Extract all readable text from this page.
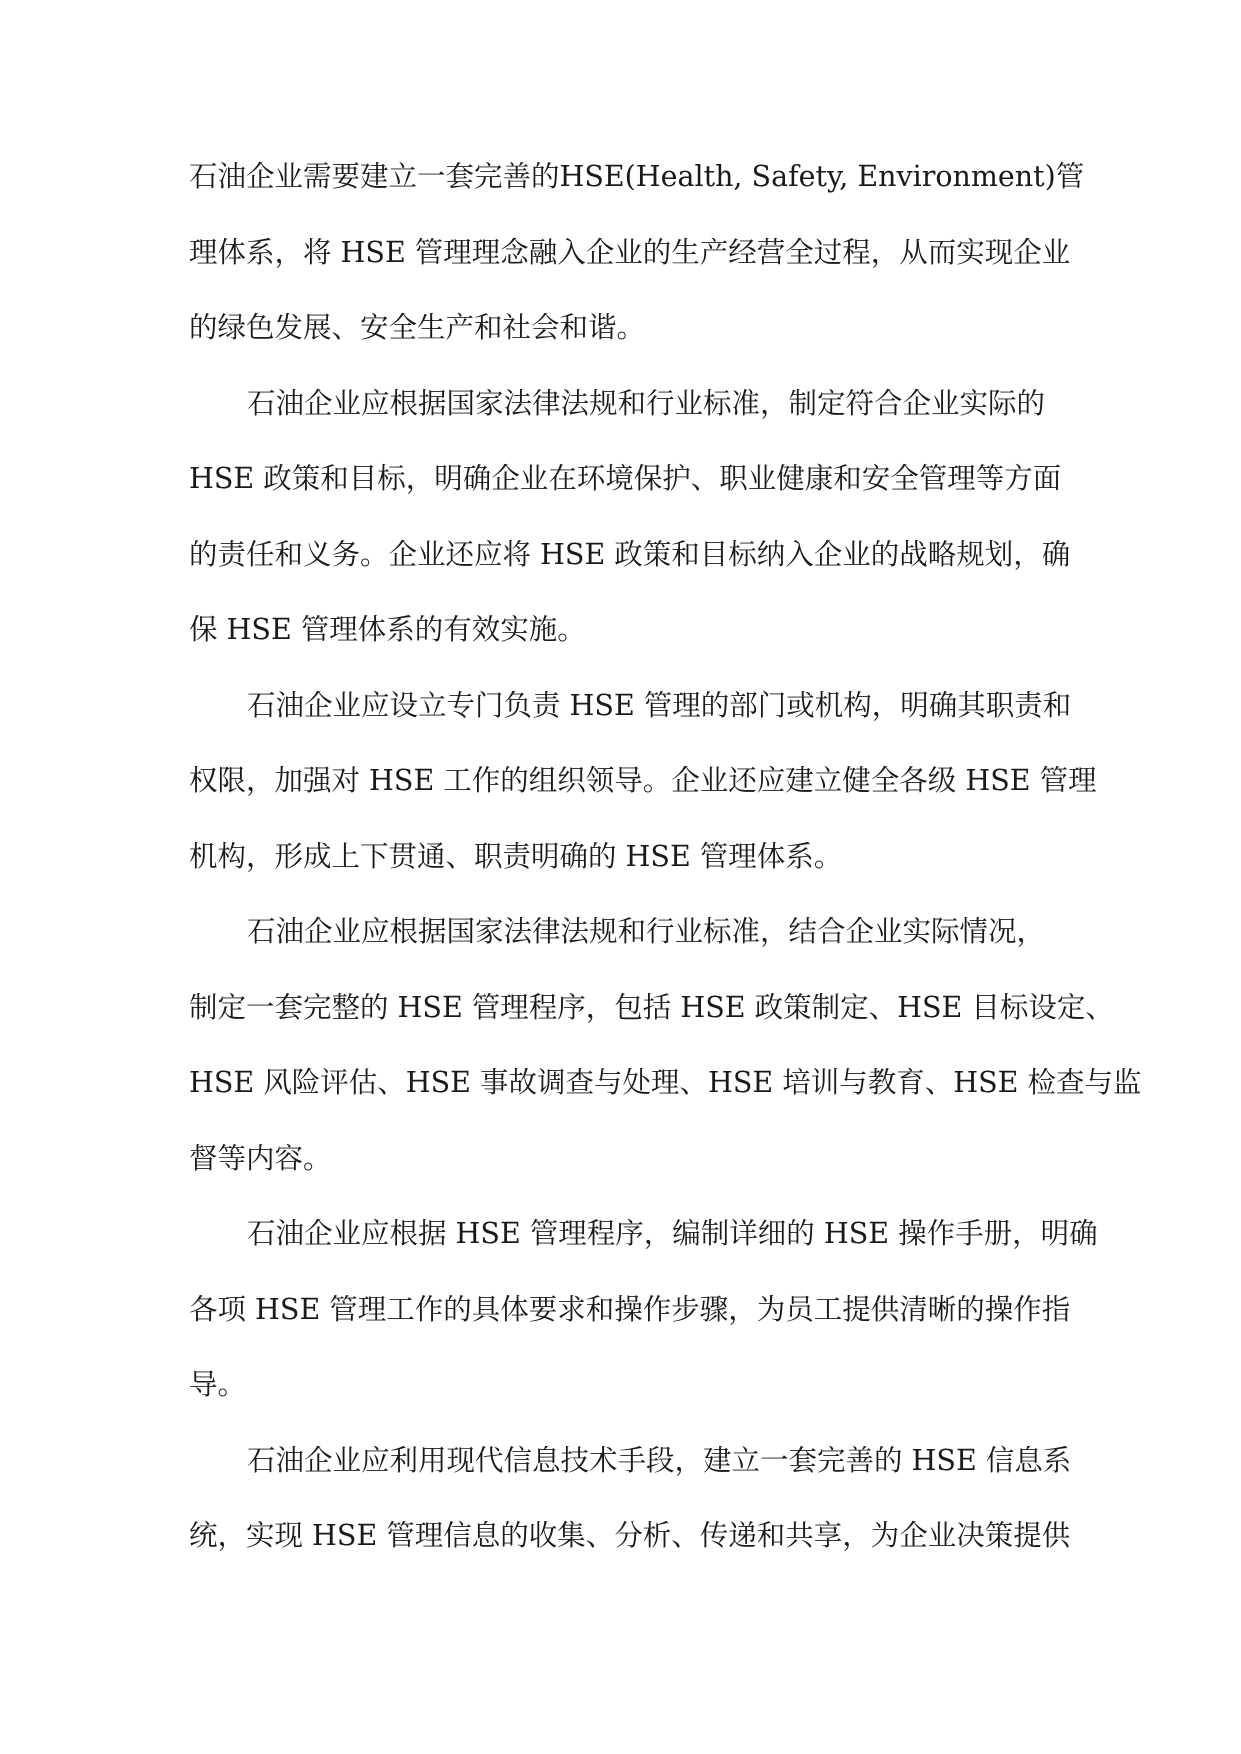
石油企业需要建立一套完善的HSE(Health, Safety, Environment)管
理体系，将 HSE 管理理念融入企业的生产经营全过程，从而实现企业
的绿色发展、安全生产和社会和谐。
石油企业应根据国家法律法规和行业标准，制定符合企业实际的
HSE 政策和目标，明确企业在环境保护、职业健康和安全管理等方面
的责任和义务。企业还应将 HSE 政策和目标纳入企业的战略规划，确
保 HSE 管理体系的有效实施。
石油企业应设立专门负责 HSE 管理的部门或机构，明确其职责和
权限，加强对 HSE 工作的组织领导。企业还应建立健全各级 HSE 管理
机构，形成上下贯通、职责明确的 HSE 管理体系。
石油企业应根据国家法律法规和行业标准，结合企业实际情况，
制定一套完整的 HSE 管理程序，包括 HSE 政策制定、HSE 目标设定、
HSE 风险评估、HSE 事故调查与处理、HSE 培训与教育、HSE 检查与监
督等内容。
石油企业应根据 HSE 管理程序，编制详细的 HSE 操作手册，明确
各项 HSE 管理工作的具体要求和操作步骤，为员工提供清晰的操作指
导。
石油企业应利用现代信息技术手段，建立一套完善的 HSE 信息系
统，实现 HSE 管理信息的收集、分析、传递和共享，为企业决策提供
